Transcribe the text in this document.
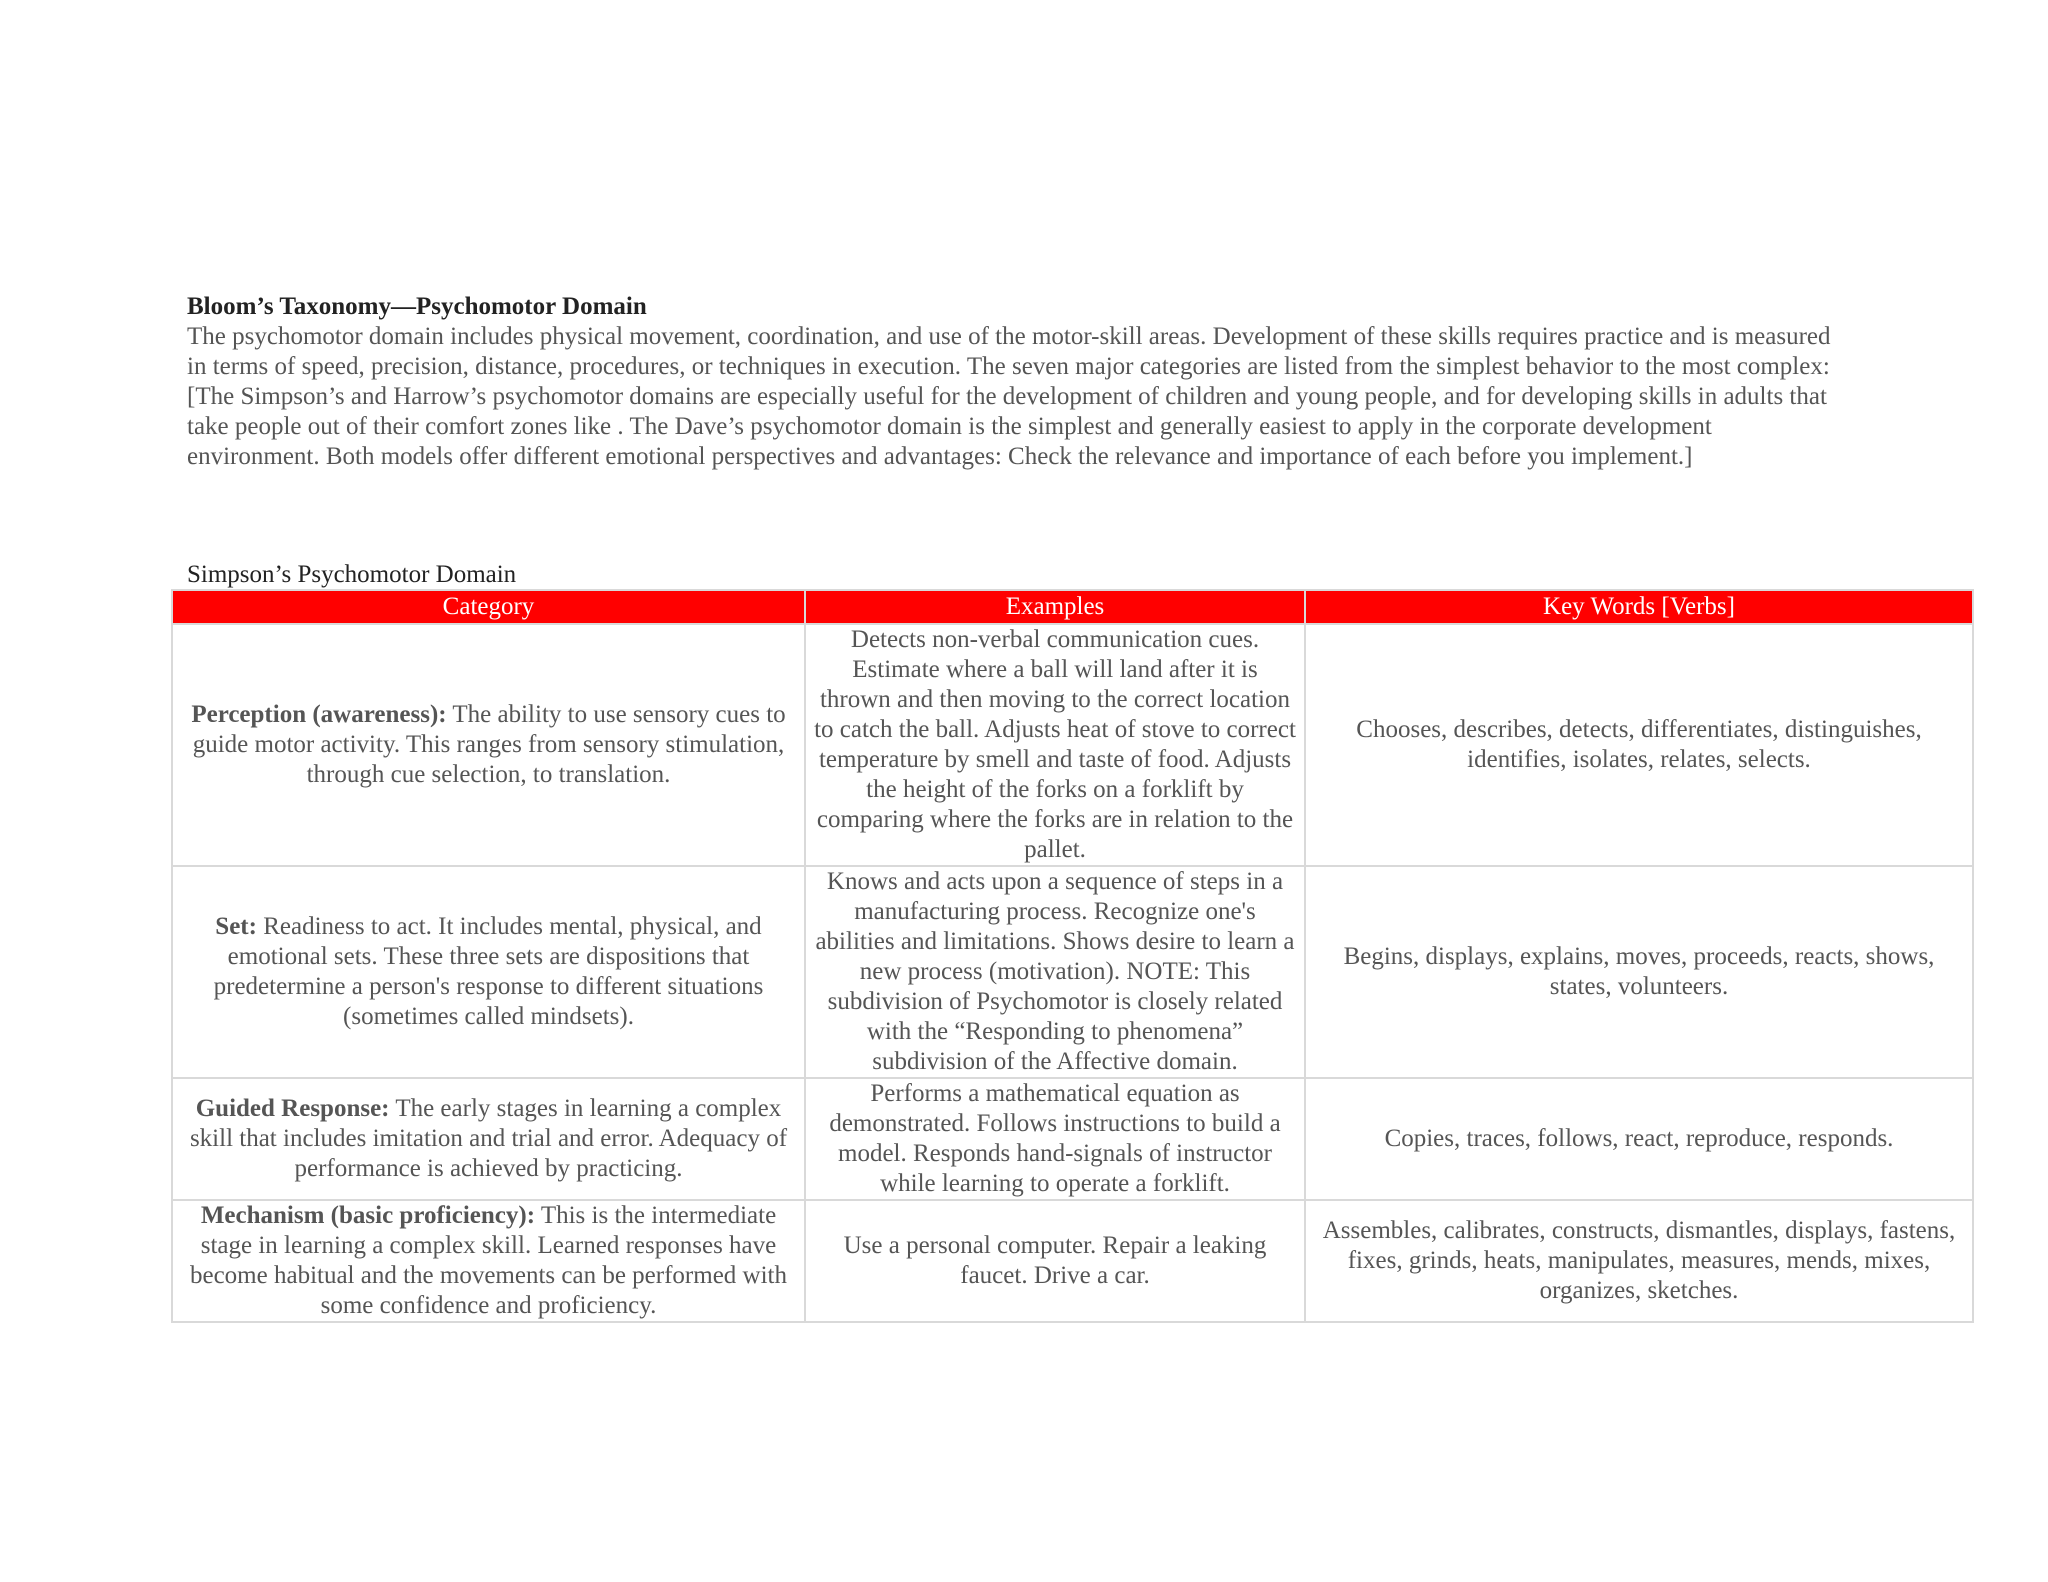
Bloom’s Taxonomy—Psychomotor Domain

The psychomotor domain includes physical movement, coordination, and use of the motor-skill areas. Development of these skills requires practice and is measured
in terms of speed, precision, distance, procedures, or techniques in execution. The seven major categories are listed from the simplest behavior to the most complex:
[The Simpson’s and Harrow’s psychomotor domains are especially useful for the development of children and young people, and for developing skills in adults that
take people out of their comfort zones like . The Dave’s psychomotor domain is the simplest and generally easiest to apply in the corporate development
environment. Both models offer different emotional perspectives and advantages: Check the relevance and importance of each before you implement.]

Simpson’s Psychomotor Domain
Category	Examples	Key Words [Verbs]
Perception (awareness): The ability to use sensory cues to guide motor activity. This ranges from sensory stimulation, through cue selection, to translation.	Detects non-verbal communication cues. Estimate where a ball will land after it is thrown and then moving to the correct location to catch the ball. Adjusts heat of stove to correct temperature by smell and taste of food. Adjusts the height of the forks on a forklift by comparing where the forks are in relation to the pallet.	Chooses, describes, detects, differentiates, distinguishes, identifies, isolates, relates, selects.
Set: Readiness to act. It includes mental, physical, and emotional sets. These three sets are dispositions that predetermine a person's response to different situations (sometimes called mindsets).	Knows and acts upon a sequence of steps in a manufacturing process. Recognize one's abilities and limitations. Shows desire to learn a new process (motivation). NOTE: This subdivision of Psychomotor is closely related with the “Responding to phenomena” subdivision of the Affective domain.	Begins, displays, explains, moves, proceeds, reacts, shows, states, volunteers.
Guided Response: The early stages in learning a complex skill that includes imitation and trial and error. Adequacy of performance is achieved by practicing.	Performs a mathematical equation as demonstrated. Follows instructions to build a model. Responds hand-signals of instructor while learning to operate a forklift.	Copies, traces, follows, react, reproduce, responds.
Mechanism (basic proficiency): This is the intermediate stage in learning a complex skill. Learned responses have become habitual and the movements can be performed with some confidence and proficiency.	Use a personal computer. Repair a leaking faucet. Drive a car.	Assembles, calibrates, constructs, dismantles, displays, fastens, fixes, grinds, heats, manipulates, measures, mends, mixes, organizes, sketches.
